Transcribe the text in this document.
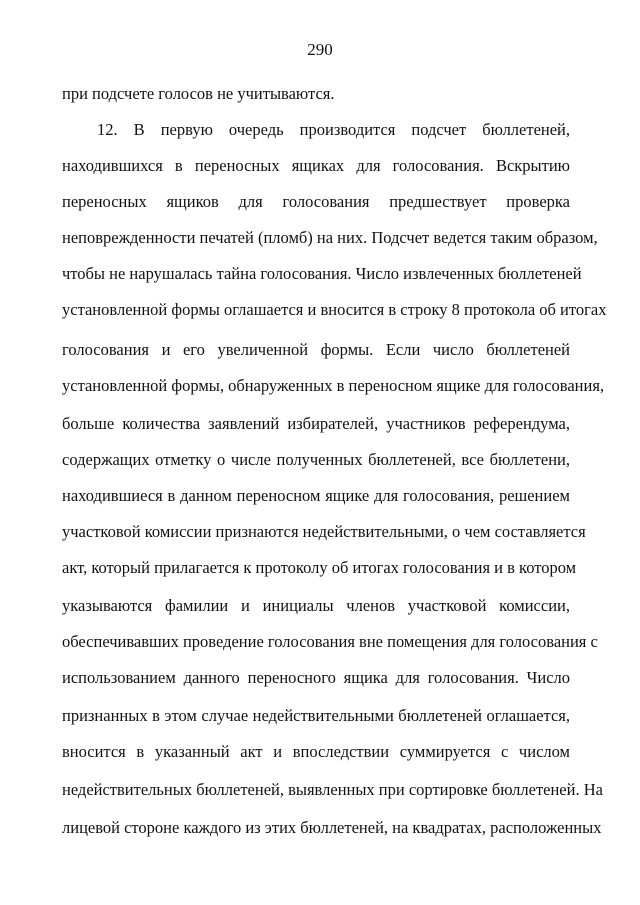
290
при подсчете голосов не учитываются.
12. В первую очередь производится подсчет бюллетеней,
находившихся в переносных ящиках для голосования. Вскрытию
переносных ящиков для голосования предшествует проверка
неповрежденности печатей (пломб) на них. Подсчет ведется таким образом,
чтобы не нарушалась тайна голосования. Число извлеченных бюллетеней
установленной формы оглашается и вносится в строку 8 протокола об итогах
голосования и его увеличенной формы. Если число бюллетеней
установленной формы, обнаруженных в переносном ящике для голосования,
больше количества заявлений избирателей, участников референдума,
содержащих отметку о числе полученных бюллетеней, все бюллетени,
находившиеся в данном переносном ящике для голосования, решением
участковой комиссии признаются недействительными, о чем составляется
акт, который прилагается к протоколу об итогах голосования и в котором
указываются фамилии и инициалы членов участковой комиссии,
обеспечивавших проведение голосования вне помещения для голосования с
использованием данного переносного ящика для голосования. Число
признанных в этом случае недействительными бюллетеней оглашается,
вносится в указанный акт и впоследствии суммируется с числом
недействительных бюллетеней, выявленных при сортировке бюллетеней. На
лицевой стороне каждого из этих бюллетеней, на квадратах, расположенных
